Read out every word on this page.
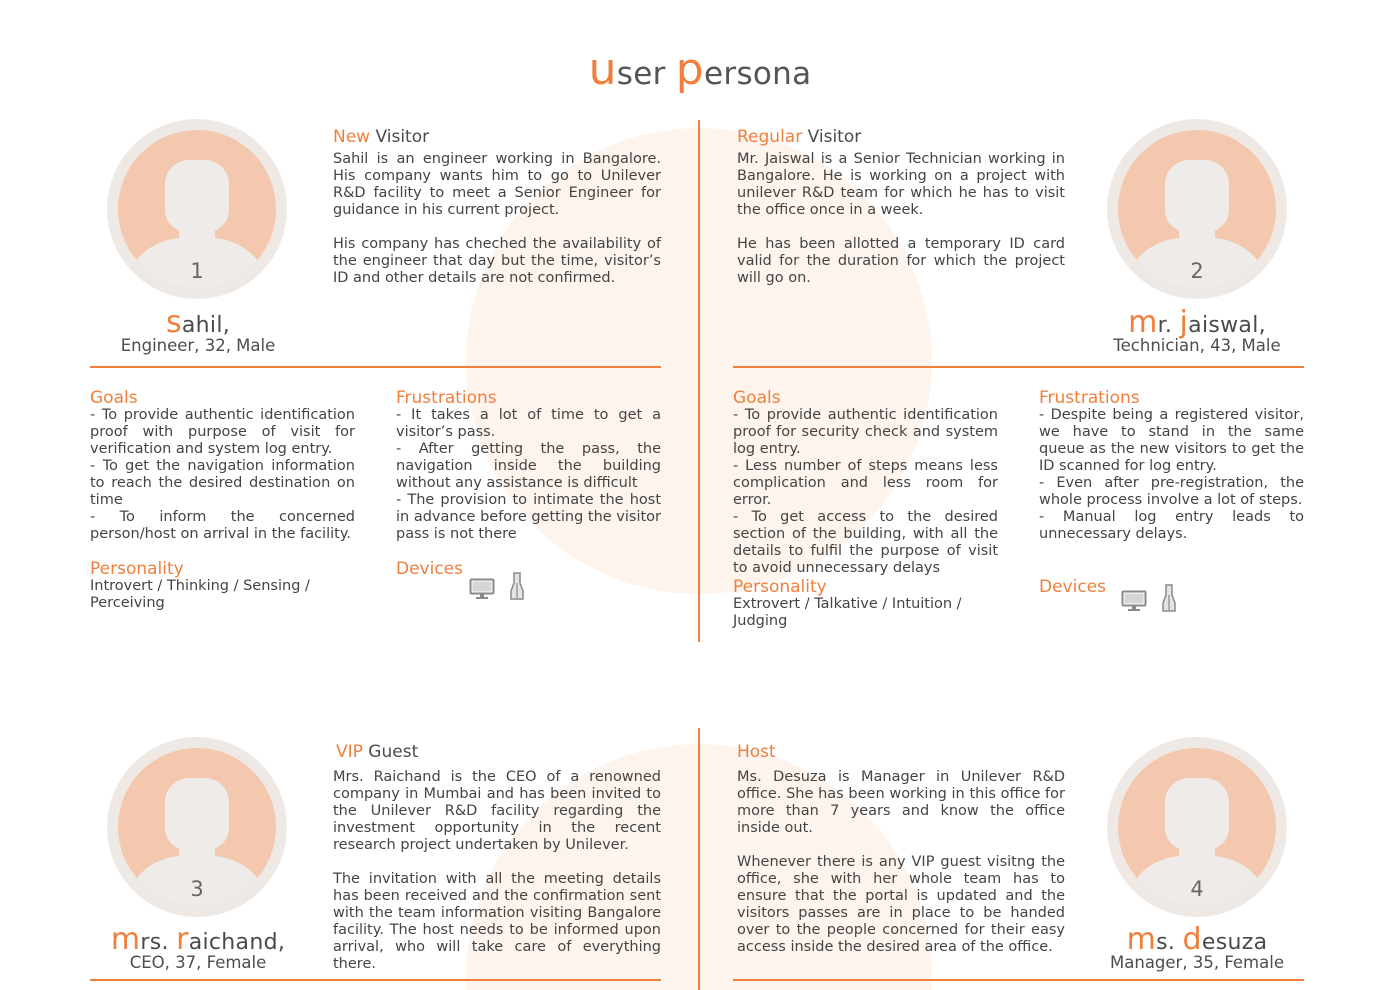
user persona
1
sahil,
Engineer, 32, Male
New Visitor

Sahil is an engineer working in Bangalore. His company wants him to go to Unilever R&D facility to meet a Senior Engineer for guidance in his current project.

His company has cheched the availability of the engineer that day but the time, visitor’s ID and other details are not confirmed.

Goals
- To provide authentic identification proof with purpose of visit for verification and system log entry.
- To get the navigation information to reach the desired destination on time
- To inform the concerned person/host on arrival in the facility.
Frustrations
- It takes a lot of time to get a visitor’s pass.
- After getting the pass, the navigation inside the building without any assistance is difficult
- The provision to intimate the host in advance before getting the visitor pass is not there
Personality
Introvert / Thinking / Sensing / Perceiving
Devices
2
mr. jaiswal,
Technician, 43, Male
Regular Visitor

Mr. Jaiswal is a Senior Technician working in Bangalore. He is working on a project with unilever R&D team for which he has to visit the office once in a week.

He has been allotted a temporary ID card valid for the duration for which the project will go on.

Goals
- To provide authentic identification proof for security check and system log entry.
- Less number of steps means less complication and less room for error.
- To get access to the desired section of the building, with all the details to fulfil the purpose of visit to avoid unnecessary delays
Frustrations
- Despite being a registered visitor, we have to stand in the same queue as the new visitors to get the ID scanned for log entry.
- Even after pre-registration, the whole process involve a lot of steps.
- Manual log entry leads to unnecessary delays.
Personality
Extrovert / Talkative / Intuition / Judging
Devices
3
mrs. raichand,
CEO, 37, Female
VIP Guest

Mrs. Raichand is the CEO of a renowned company in Mumbai and has been invited to the Unilever R&D facility regarding the investment opportunity in the recent research project undertaken by Unilever.

The invitation with all the meeting details has been received and the confirmation sent with the team information visiting Bangalore facility. The host needs to be informed upon arrival, who will take care of everything there.

4
ms. desuza
Manager, 35, Female
Host

Ms. Desuza is Manager in Unilever R&D office. She has been working in this office for more than 7 years and know the office inside out.

Whenever there is any VIP guest visitng the office, she with her whole team has to ensure that the portal is updated and the visitors passes are in place to be handed over to the people concerned for their easy access inside the desired area of the office.
